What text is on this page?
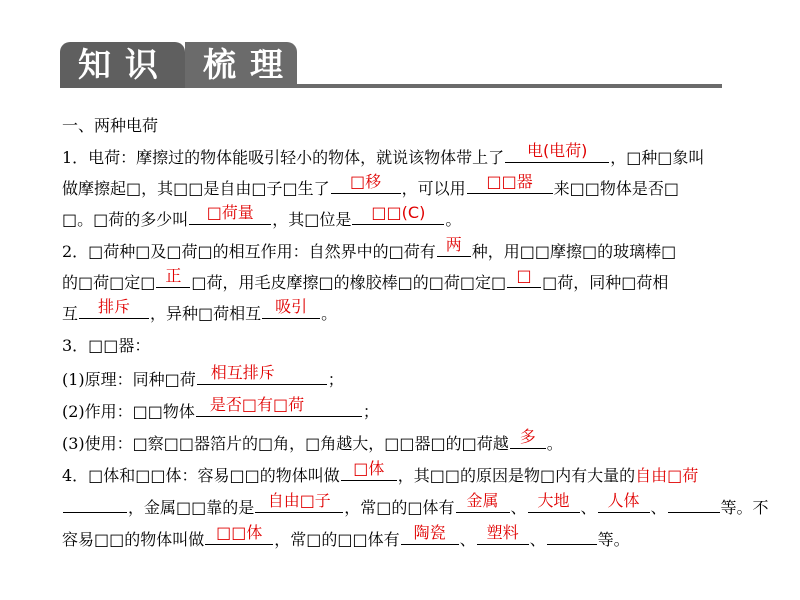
知识 梳理
一、两种电荷
1．电荷：摩擦过的物体能吸引轻小的物体，就说该物体带上了	电(电荷)	，□种□象叫
做摩擦起□，其□□是自由□子□生了	□移	，可以用	□□器	来□□物体是否□
□。□荷的多少叫	□荷量	，其□位是	□□(C)	。
2．□荷种□及□荷□的相互作用：自然界中的□荷有 两 种，用□□摩擦□的玻璃棒□
的□荷□定□ 正 □荷，用毛皮摩擦□的橡胶棒□的□荷□定□ □ □荷，同种□荷相
互	排斥	，异种□荷相互 吸引 。
3．□□器：
(1)原理：同种□荷 相互排斥	；
(2)作用：□□物体 是否□有□荷	；
(3)使用：□察□□器箔片的□角，□角越大，□□器□的□荷越 多 。
4．□体和□□体：容易□□的物体叫做 □体 ，其□□的原因是物□内有大量的自由□荷
，金属□□靠的是 自由□子 ，常□的□体有 金属 、 大地 、 人体 、	等。不
容易□□的物体叫做 □□体 ，常□的□□体有 陶瓷 、 塑料 、	等。
